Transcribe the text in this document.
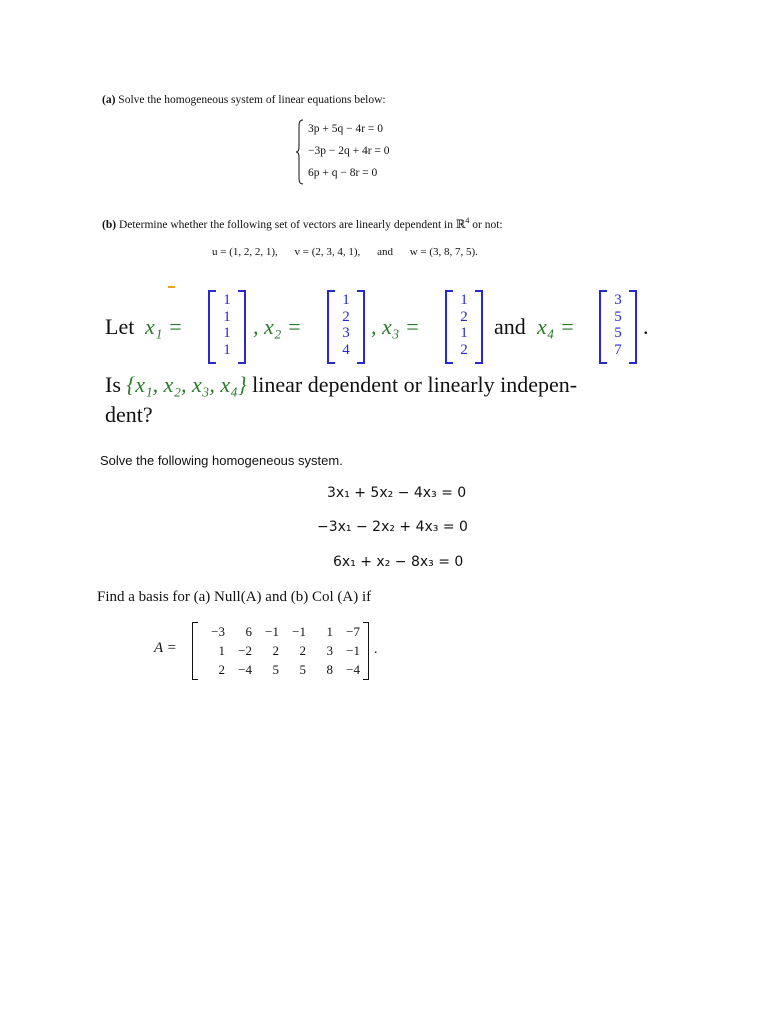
(a) Solve the homogeneous system of linear equations below:
3p + 5q − 4r = 0
−3p − 2q + 4r = 0
6p + q − 8r = 0
(b) Determine whether the following set of vectors are linearly dependent in ℝ$^4$ or not:
u = (1, 2, 2, 1), v = (2, 3, 4, 1), and w = (3, 8, 7, 5).
Let x₁ =
1
1
1
1
, x₂ =
1
2
3
4
, x₃ =
1
2
1
2
and x₄ =
3
5
5
7
.
Is {x₁, x₂, x₃, x₄} linear dependent or linearly indepen-
dent?
Solve the following homogeneous system.
3x₁ + 5x₂ − 4x₃ = 0
−3x₁ − 2x₂ + 4x₃ = 0
6x₁ + x₂ − 8x₃ = 0
Find a basis for (a) Null(A) and (b) Col (A) if
A =
−3	6	−1	−1	1	−7
1	−2	2	2	3	−1
2	−4	5	5	8	−4
.
